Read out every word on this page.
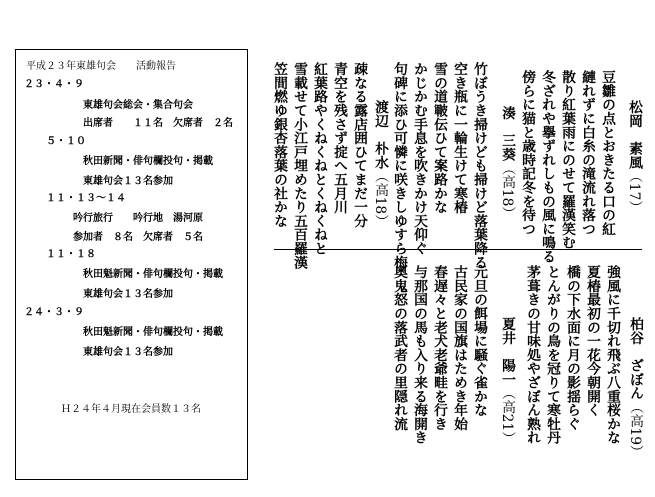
平成２３年東雄句会　　活動報告
２３・４・９
東雄句会総会・集合句会
出席者　　１１名　欠席者　２名
５・１０
秋田新聞・俳句欄投句・掲載
東雄句会１３名参加
１１・１３〜１４
吟行旅行　　吟行地　湯河原
参加者　８名　欠席者　５名
１１・１８
秋田魁新聞・俳句欄投句・掲載
東雄句会１３名参加
２４・３・９
秋田魁新聞・俳句欄投句・掲載
東雄句会１３名参加
Ｈ２４年４月現在会員数１３名
松岡　素風（17）
豆雛の点とおきたる口の紅
縺れずに白糸の滝流れ落つ
散り紅葉雨にのせて羅漢笑む
冬ざれや擧ずれしもの風に鳴る
傍らに猫と歳時記冬を待つ
湊　三葵（高18）
竹ぼうき掃けども掃けど落葉降る
空き瓶に一輪生けて寒椿
雪の道皸伝ひて案路かな
かじかむ手息を吹きかけ天仰ぐ
句碑に添ひ可憐に咲きしゆすら梅
渡辺　朴水（高18）
疎なる露店囲ひてまだ一分
青空を残さず掟へ五月川
紅葉路やくねくねとくねくねと
雪載せて小江戸埋めたり五百羅漢
笠間燃ゆ銀杏落葉の社かな
柏谷　ざぼん（高19）
強風に千切れ飛ぶ八重桜かな
夏椿最初の一花今朝開く
橋の下水面に月の影揺らぐ
とんがりの鳥を冠りて寒牡丹
茅葺きの甘味処やざぼん熟れ
夏井　陽一（高21）
元旦の餌場に騒ぐ雀かな
古民家の国旗はためき年始
春遅々と老犬老爺畦を行き
与那国の馬も入り来る海開き
奥鬼怒の落武者の里隠れ流
